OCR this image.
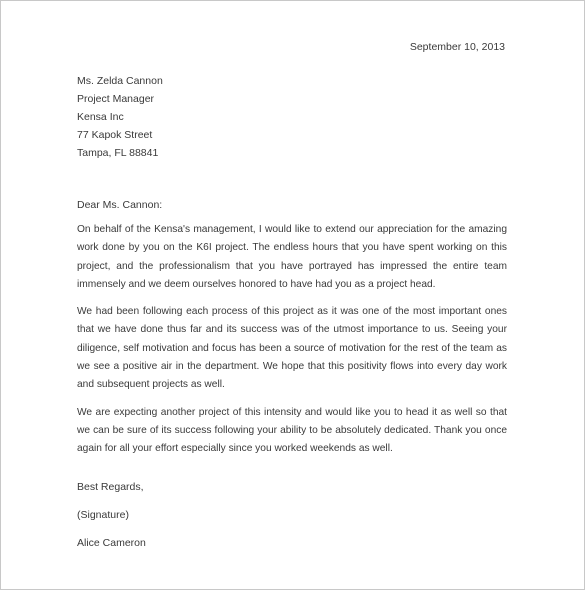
September 10, 2013
Ms. Zelda Cannon
Project Manager
Kensa Inc
77 Kapok Street
Tampa, FL 88841
Dear Ms. Cannon:

On behalf of the Kensa's management, I would like to extend our appreciation for the amazing work done by you on the K6I project. The endless hours that you have spent working on this project, and the professionalism that you have portrayed has impressed the entire team immensely and we deem ourselves honored to have had you as a project head.

We had been following each process of this project as it was one of the most important ones that we have done thus far and its success was of the utmost importance to us. Seeing your diligence, self motivation and focus has been a source of motivation for the rest of the team as we see a positive air in the department. We hope that this positivity flows into every day work and subsequent projects as well.

We are expecting another project of this intensity and would like you to head it as well so that we can be sure of its success following your ability to be absolutely dedicated. Thank you once again for all your effort especially since you worked weekends as well.

Best Regards,
(Signature)
Alice Cameron
